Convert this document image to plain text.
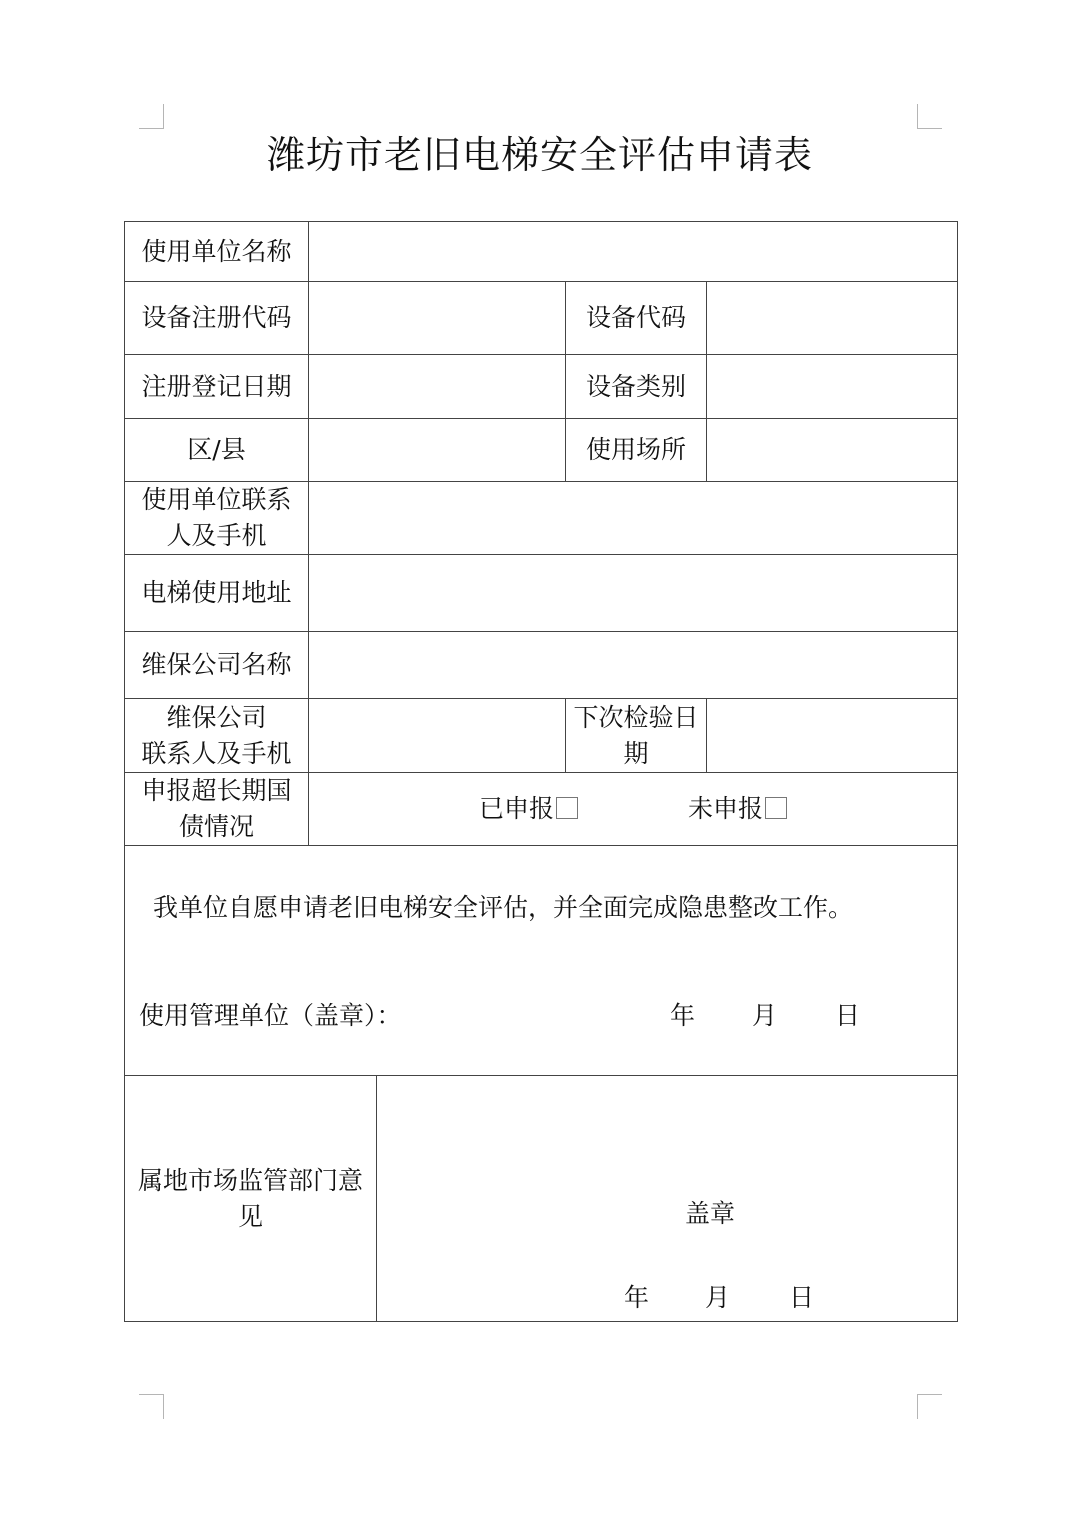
潍坊市老旧电梯安全评估申请表
使用单位名称				
设备注册代码			设备代码	
注册登记日期			设备类别	
区/县			使用场所	

使用单位联系
人及手机				

电梯使用地址				
维保公司名称				

维保公司
联系人及手机			下次检验日
期	

申报超长期国
债情况	已申报 未申报			

我单位自愿申请老旧电梯安全评估，并全面完成隐患整改工作。
使用管理单位（盖章）： 年 月 日				

属地市场监管部门意
见		盖章
年 月 日		
